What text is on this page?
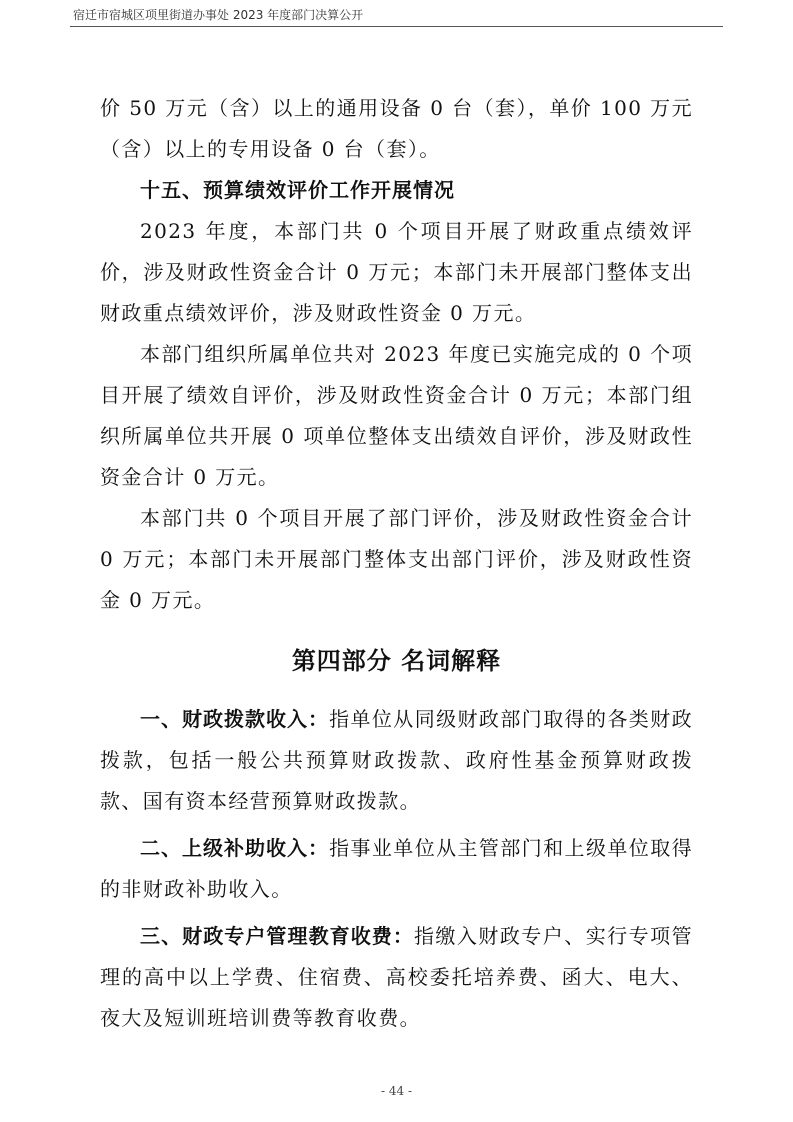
宿迁市宿城区项里街道办事处 2023 年度部门决算公开

价 50 万元（含）以上的通用设备 0 台（套），单价 100 万元（含）以上的专用设备 0 台（套）。

十五、预算绩效评价工作开展情况

2023 年度，本部门共 0 个项目开展了财政重点绩效评价，涉及财政性资金合计 0 万元；本部门未开展部门整体支出财政重点绩效评价，涉及财政性资金 0 万元。

本部门组织所属单位共对 2023 年度已实施完成的 0 个项目开展了绩效自评价，涉及财政性资金合计 0 万元；本部门组织所属单位共开展 0 项单位整体支出绩效自评价，涉及财政性资金合计 0 万元。

本部门共 0 个项目开展了部门评价，涉及财政性资金合计 0 万元；本部门未开展部门整体支出部门评价，涉及财政性资金 0 万元。

第四部分 名词解释

一、财政拨款收入：指单位从同级财政部门取得的各类财政拨款，包括一般公共预算财政拨款、政府性基金预算财政拨款、国有资本经营预算财政拨款。

二、上级补助收入：指事业单位从主管部门和上级单位取得的非财政补助收入。

三、财政专户管理教育收费：指缴入财政专户、实行专项管理的高中以上学费、住宿费、高校委托培养费、函大、电大、夜大及短训班培训费等教育收费。

- 44 -
